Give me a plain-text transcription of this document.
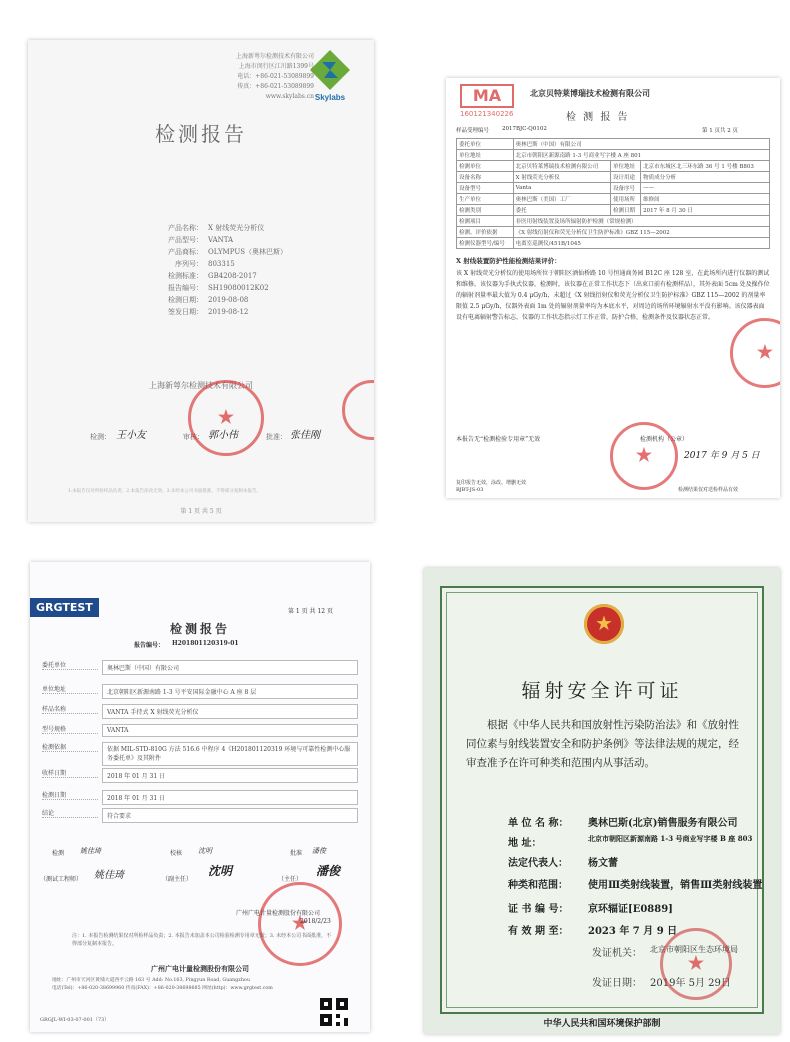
上海新萼尔检测技术有限公司
上海市闵行区江川路1399号
电话：+86-021-53089899
传真：+86-021-53089899
www.skylabs.cn Skylabs
检测报告
产品名称： X 射线荧光分析仪
产品型号： VANTA
产品商标： OLYMPUS（奥林巴斯）
序列号： 803315
检测标准： GB4208-2017
报告编号： SH19080012K02
检测日期： 2019-08-08
签发日期： 2019-08-12
上海新萼尔检测技术有限公司
检测： 王小友	审核： 郭小伟	批准： 张佳刚
★
1.本报告仅对所检样品负责。2.本报告涂改无效。3.未经本公司书面批准，不得部分复制本报告。
第 1 页 共 5 页
MA
160121340226
北京贝特莱博瑞技术检测有限公司
检 测 报 告
样品受理编号 2017BJC-Q0102	第 1 页共 2 页
委托单位	奥林巴斯（中国）有限公司		
单位地址	北京市朝阳区新源南路 1-3 号商业写字楼 A 座 801		
检测单位	北京贝特莱博瑞技术检测有限公司	单位地址	北京市东城区北三环东路 36 号 1 号楼 B803
设备名称	X 射线荧光分析仪	设计用途	物质成分分析
设备型号	Vanta	设备序号	——
生产单位	奥林巴斯（美国）工厂	使用场所	维修间
检测类别	委托	检测日期	2017 年 8 月 30 日
检测项目	非医用射线装置及场所辐射防护检测（常规检测）		
检测、评价依据	《X 射线衍射仪和荧光分析仪卫生防护标准》GBZ 115—2002		
检测仪器型号/编号	电离室巡测仪/451B/1045		
X 射线装置防护性能检测结果评价：
该 X 射线荧光分析仪的使用场所位于朝阳区酒仙桥路 10 号恒通商务园 B12C 座 128 室，在此场所内进行仪器的测试和维修。该仪器为手执式仪器，检测时，该仪器在正常工作状态下（出束口前有检测样品），其外表面 5cm 处及操作位的辐射剂量率最大值为 0.4 μGy/h，未超过《X 射线衍射仪和荧光分析仪卫生防护标准》GBZ 115—2002 的剂量率限值 2.5 μGy/h，仪器外表面 1m 处的辐射剂量率均为本底水平，对周边的场所环境辐射水平没有影响。该仪器表面设有电离辐射警告标志，仪器的工作状态指示灯工作正常，防护合格，检测条件及仪器状态正常。
★
本报告无“检测检验专用章”无效	检测机构（公章）
★	2017 年 9 月 5 日
复印报告无效，涂改、增删无效
BJBT-JS-03	检测结果仅对送检样品有效
GRGTEST	第 1 页 共 12 页
检测报告
报告编号： H201801120319-01
委托单位	奥林巴斯（中国）有限公司
单位地址	北京朝阳区新源南路 1-3 号平安国际金融中心 A 座 8 层
样品名称	VANTA 手持式 X 射线荧光分析仪
型号规格	VANTA
检测依据	依据 MIL-STD-810G 方法 516.6 中程序 4《H201801120319 环境与可靠性检测中心服务委托单》及其附件
收样日期	2018 年 01 月 31 日
检测日期	2018 年 01 月 31 日
结论	符合要求
检测	校核	批准
姚佳琦	沈明	潘俊
（测试工程师） 姚佳琦	（副主任）
沈明
（主任）
潘俊
★
广州广电计量检测股份有限公司
2018/2/23
注：1. 本报告检测结果仅对所检样品负责；2. 本报告未加盖本公司检验检测专用章无效；3. 未经本公司书面批准，不得部分复制本报告。
广州广电计量检测股份有限公司
地址：广州市天河区黄埔大道西平云路 163 号 Add: No.163, Pingyun Road, Guangzhou
电话(Tel)：+86-020-38699960 传真(FAX)：+86-020-38698685 网址(http)：www.grgtest.com
GRGJL-WI-03-07-001（73）
★
辐射安全许可证
根据《中华人民共和国放射性污染防治法》和《放射性同位素与射线装置安全和防护条例》等法律法规的规定，经审查准予在许可种类和范围内从事活动。
单 位 名 称： 奥林巴斯(北京)销售服务有限公司
地 址：	北京市朝阳区新源南路 1-3 号商业写字楼 B 座 803
法定代表人： 杨文蕾
种类和范围： 使用Ⅲ类射线装置，销售Ⅲ类射线装置
证 书 编 号： 京环辐证[E0889]
有 效 期 至： 2023 年 7 月 9 日
发证机关： 北京市朝阳区生态环境局
发证日期： 2019年 5月 29日
★
中华人民共和国环境保护部制
